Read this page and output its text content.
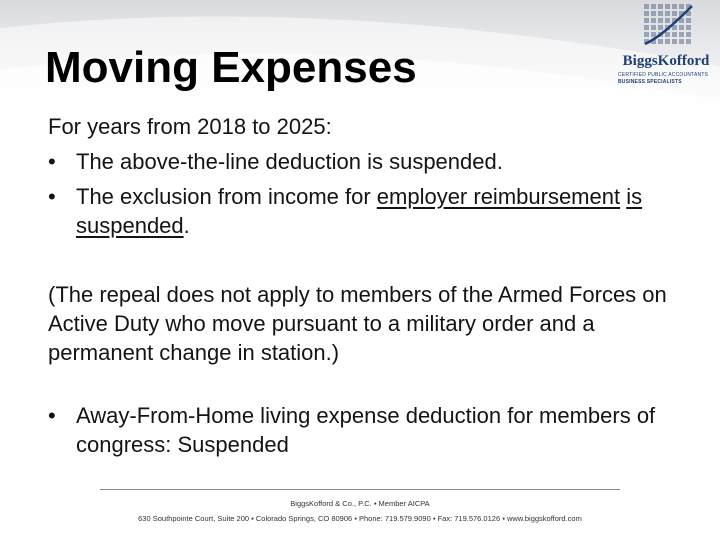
Moving Expenses	BiggsKofford
CERTIFIED PUBLIC ACCOUNTANTS
BUSINESS SPECIALISTS

For years from 2018 to 2025:

• The above-the-line deduction is suspended.
• The exclusion from income for employer reimbursement is suspended.

(The repeal does not apply to members of the Armed Forces on Active Duty who move pursuant to a military order and a permanent change in station.)

• Away-From-Home living expense deduction for members of congress: Suspended
BiggsKofford & Co., P.C. ▪ Member AICPA
630 Southpointe Court, Suite 200 ▪ Colorado Springs, CO 80906 ▪ Phone: 719.579.9090 ▪ Fax: 719.576.0126 ▪ www.biggskofford.com
